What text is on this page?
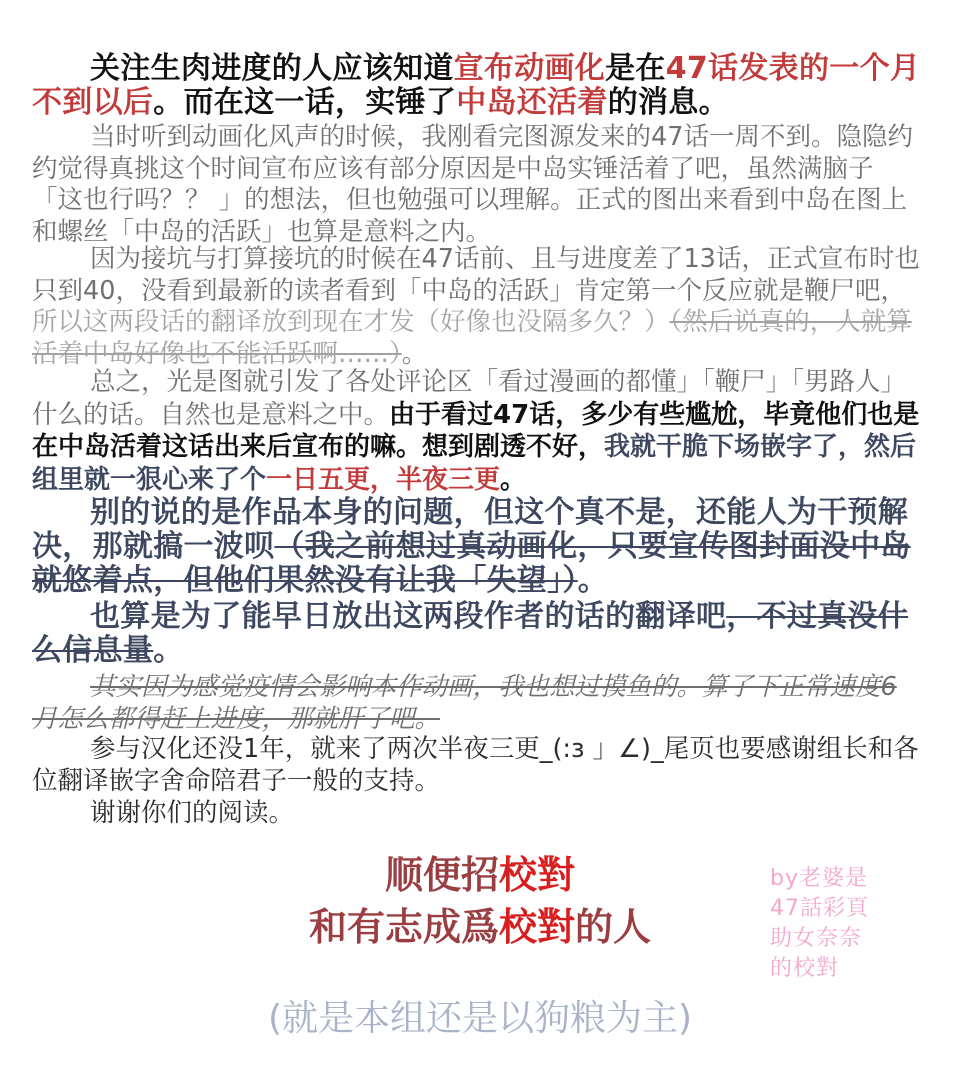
关注生肉进度的人应该知道宣布动画化是在47话发表的一个月不到以后。而在这一话，实锤了中岛还活着的消息。

当时听到动画化风声的时候，我刚看完图源发来的47话一周不到。隐隐约约觉得真挑这个时间宣布应该有部分原因是中岛实锤活着了吧，虽然满脑子「这也行吗？？ 」的想法，但也勉强可以理解。正式的图出来看到中岛在图上和螺丝「中岛的活跃」也算是意料之内。

因为接坑与打算接坑的时候在47话前、且与进度差了13话，正式宣布时也只到40，没看到最新的读者看到「中岛的活跃」肯定第一个反应就是鞭尸吧，所以这两段话的翻译放到现在才发（好像也没隔多久？）（然后说真的，人就算活着中岛好像也不能活跃啊……）。

总之，光是图就引发了各处评论区「看过漫画的都懂」「鞭尸」「男路人」什么的话。自然也是意料之中。由于看过47话，多少有些尴尬，毕竟他们也是在中岛活着这话出来后宣布的嘛。想到剧透不好，我就干脆下场嵌字了，然后组里就一狠心来了个一日五更，半夜三更。

别的说的是作品本身的问题，但这个真不是，还能人为干预解决，那就搞一波呗（我之前想过真动画化，只要宣传图封面没中岛就悠着点，但他们果然没有让我「失望」）。

也算是为了能早日放出这两段作者的话的翻译吧，不过真没什么信息量。

其实因为感觉疫情会影响本作动画，我也想过摸鱼的。算了下正常速度6月怎么都得赶上进度，那就肝了吧。

参与汉化还没1年，就来了两次半夜三更_(:з 」∠)_尾页也要感谢组长和各位翻译嵌字舍命陪君子一般的支持。

谢谢你们的阅读。

顺便招校對
和有志成爲校對的人
(就是本组还是以狗粮为主)
by老婆是
47話彩頁
助女奈奈
的校對
